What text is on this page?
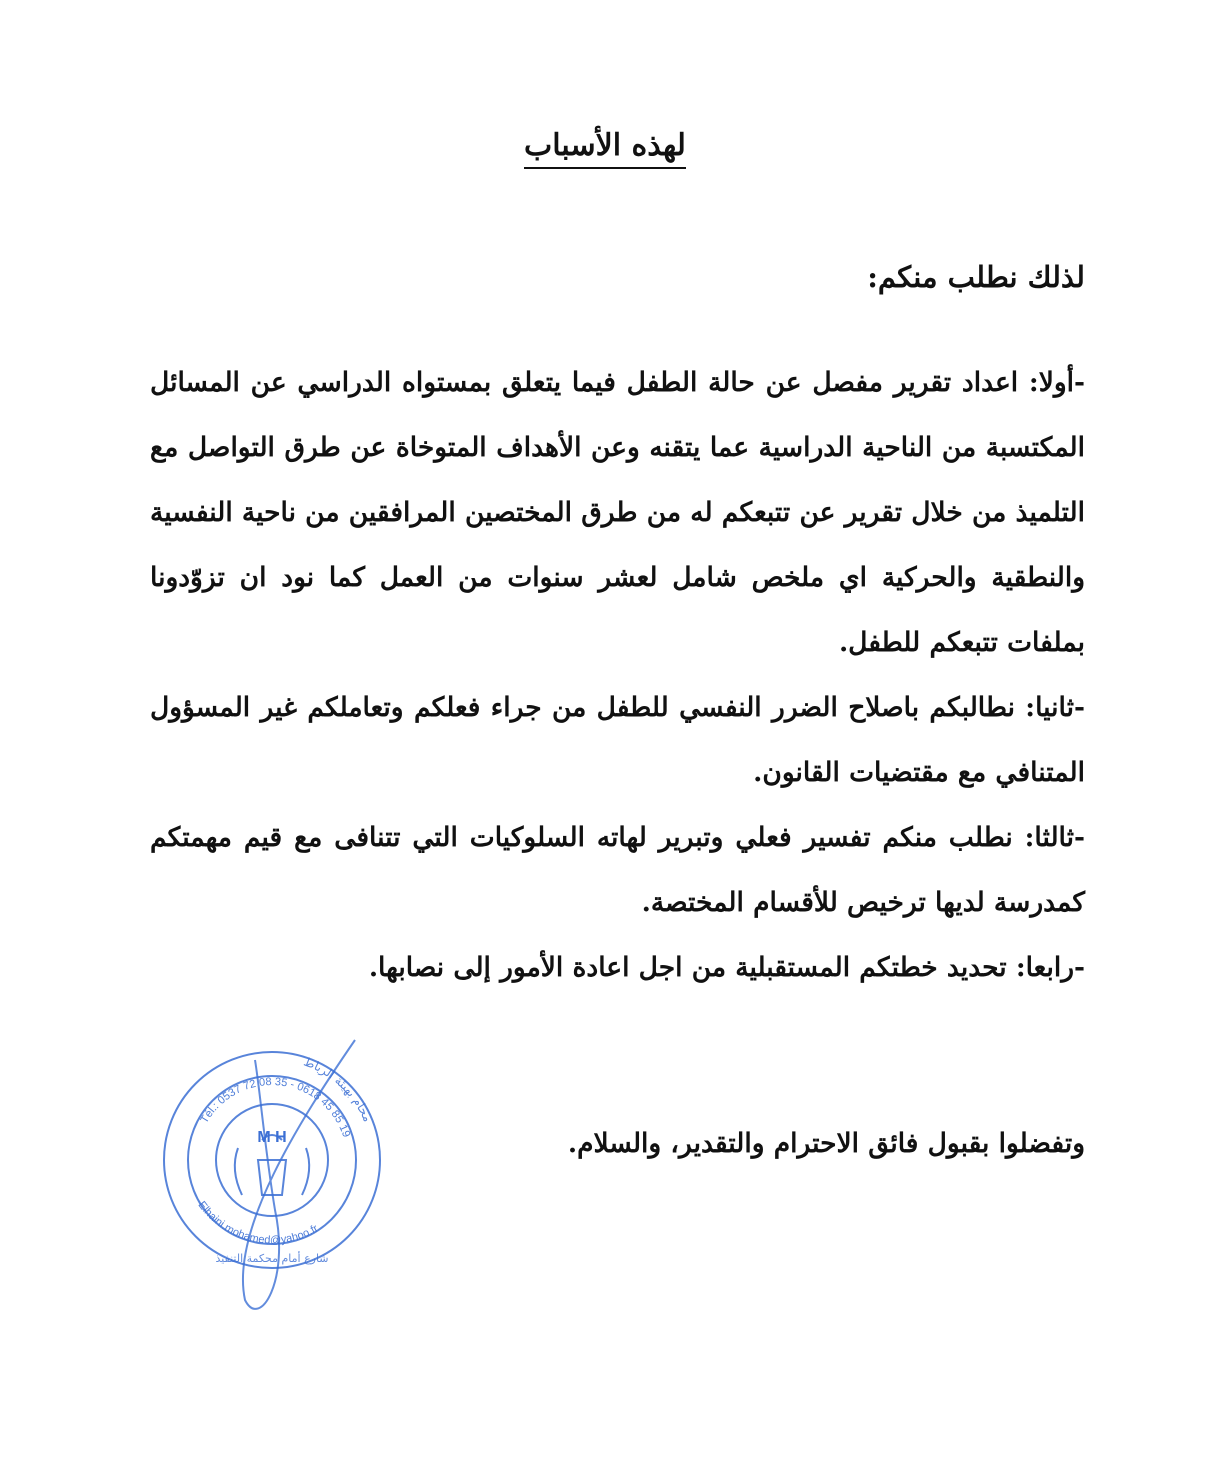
لهذه الأسباب
لذلك نطلب منكم:

-أولا: اعداد تقرير مفصل عن حالة الطفل فيما يتعلق بمستواه الدراسي عن المسائل المكتسبة من الناحية الدراسية عما يتقنه وعن الأهداف المتوخاة عن طرق التواصل مع التلميذ من خلال تقرير عن تتبعكم له من طرق المختصين المرافقين من ناحية النفسية والنطقية والحركية اي ملخص شامل لعشر سنوات من العمل كما نود ان تزوّدونا بملفات تتبعكم للطفل.

-ثانيا: نطالبكم باصلاح الضرر النفسي للطفل من جراء فعلكم وتعاملكم غير المسؤول المتنافي مع مقتضيات القانون.

-ثالثا: نطلب منكم تفسير فعلي وتبرير لهاته السلوكيات التي تتنافى مع قيم مهمتكم كمدرسة لديها ترخيص للأقسام المختصة.

-رابعا: تحديد خطتكم المستقبلية من اجل اعادة الأمور إلى نصابها.

وتفضلوا بقبول فائق الاحترام والتقدير، والسلام.
M H
Tél.: 0537 72 08 35 - 0618 45 85 19
محام بهيئة الرباط
Elhaini.mohamed@yahoo.fr
شارع أمام محكمة التنفيذ
